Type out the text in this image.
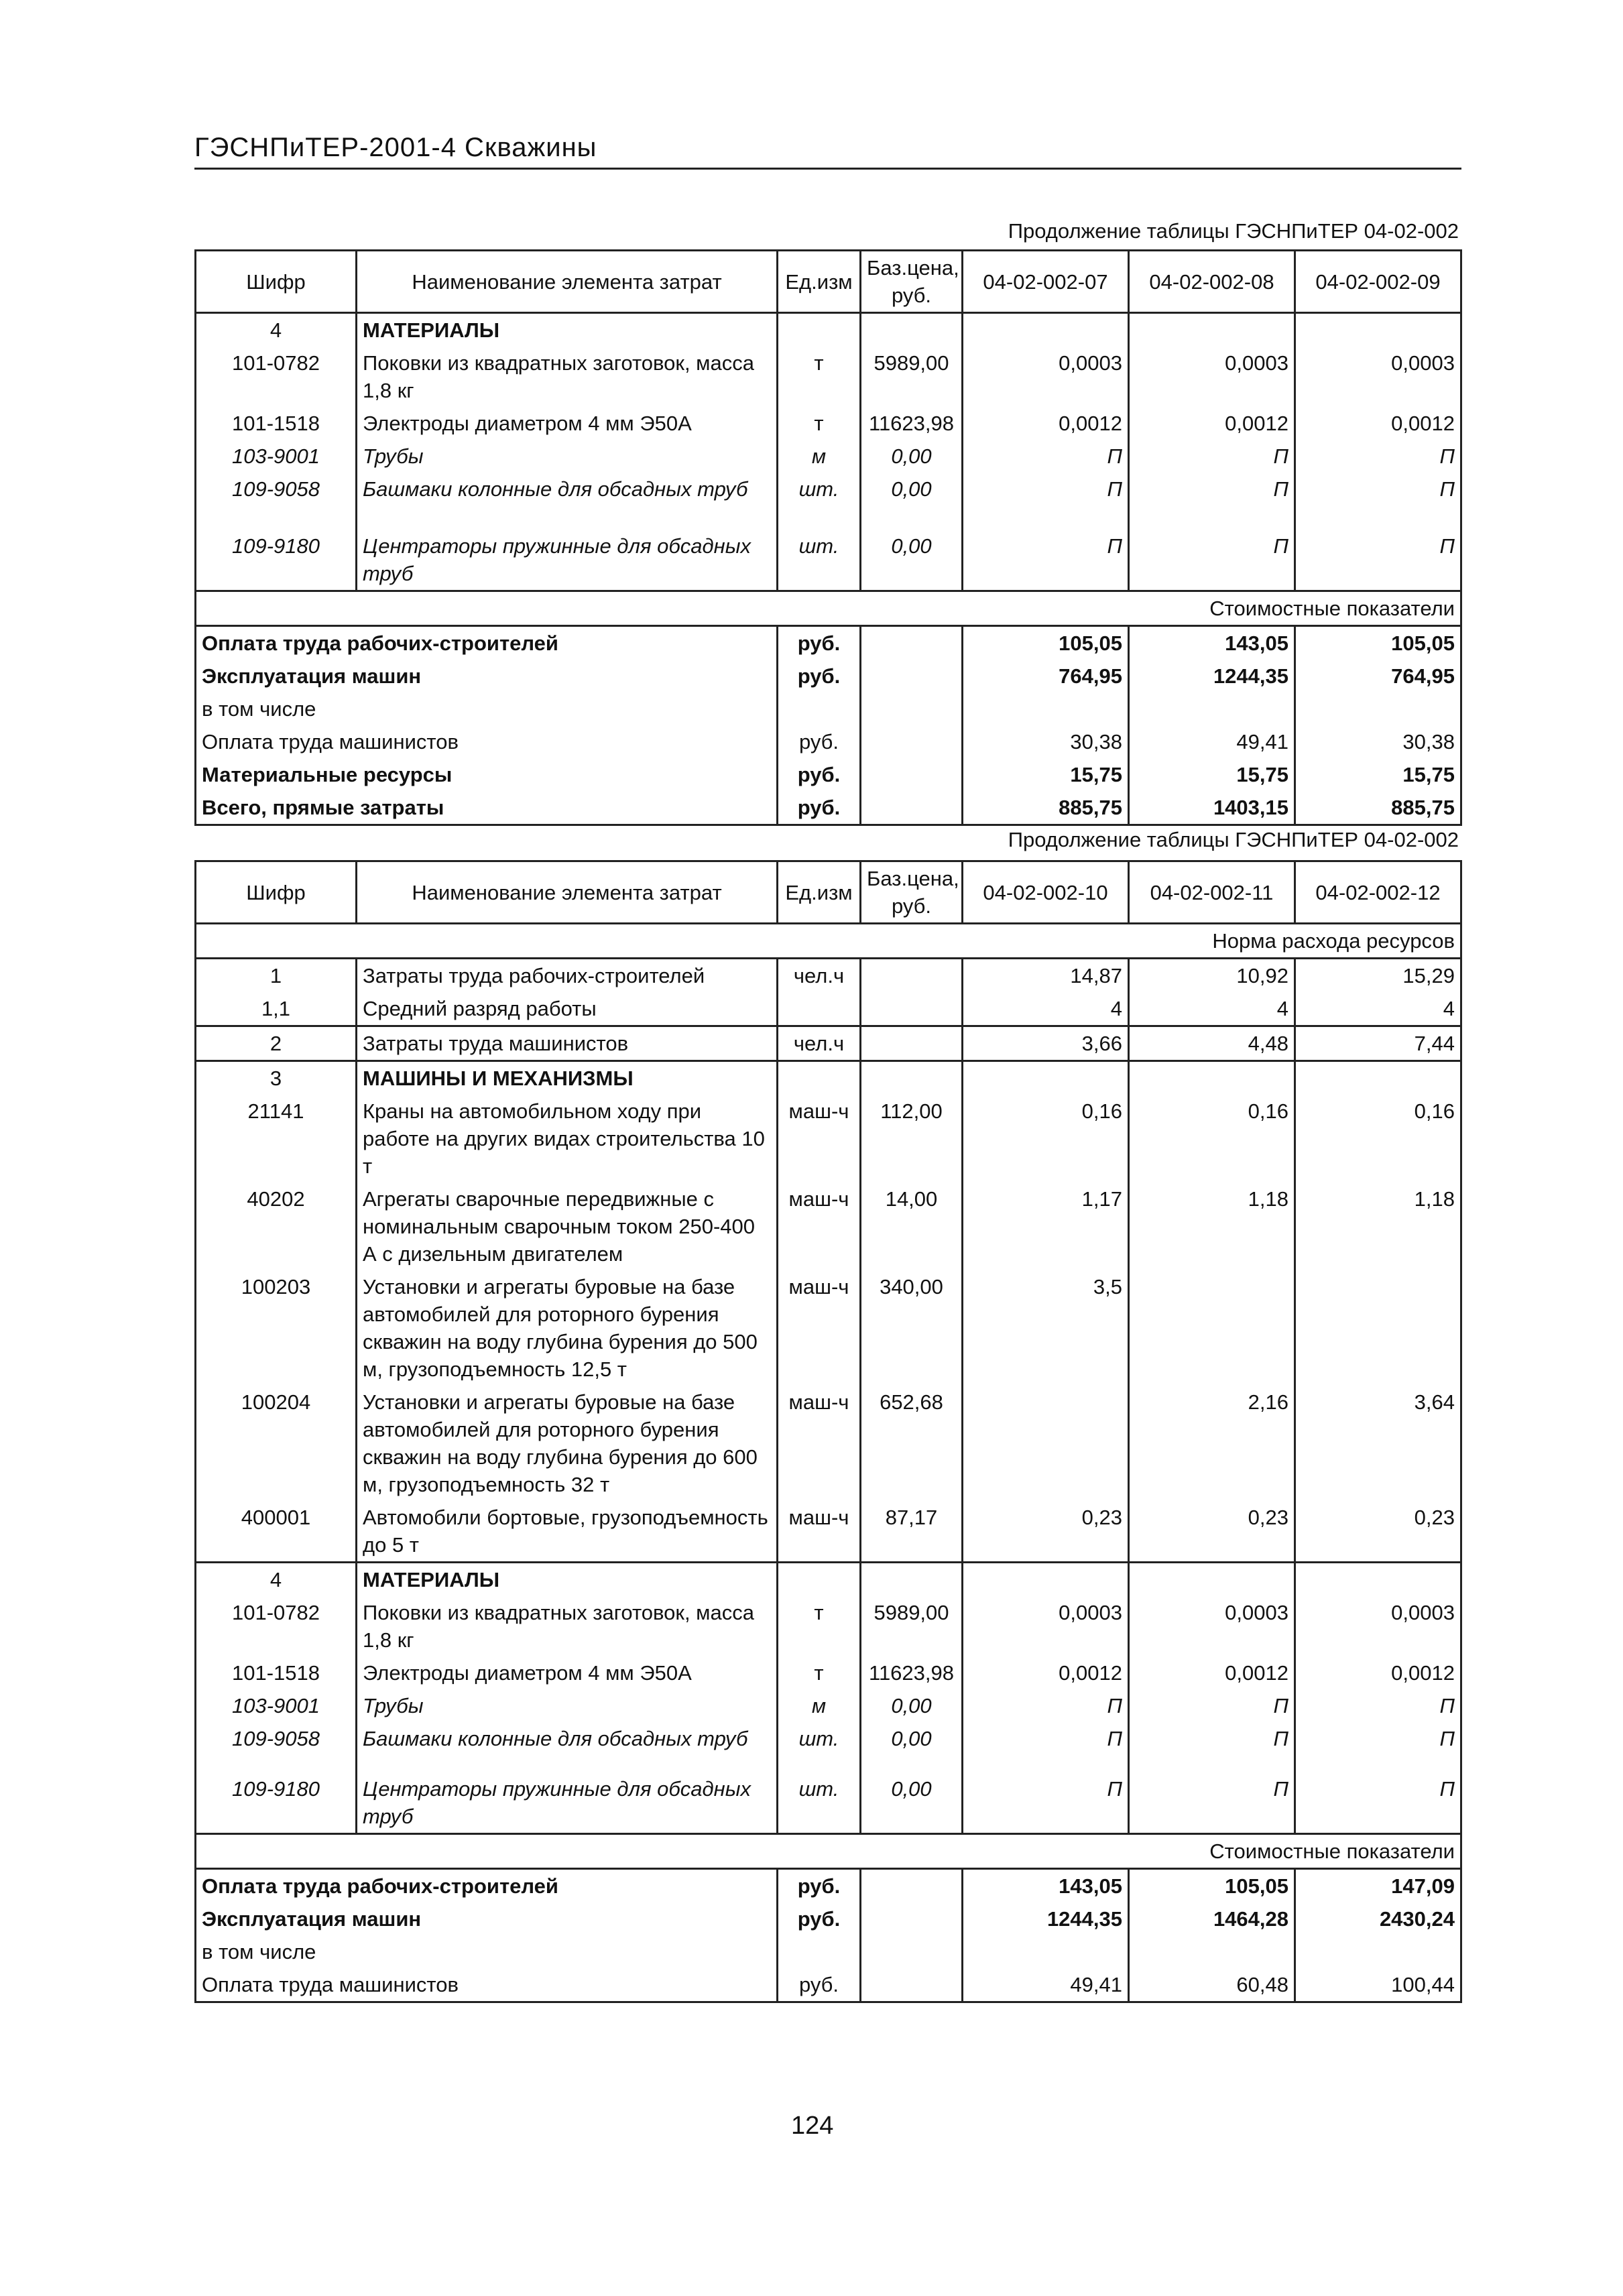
ГЭСНПиТЕР-2001-4 Скважины
Продолжение таблицы ГЭСНПиТЕР 04-02-002
Шифр	Наименование элемента затрат	Ед.изм	Баз.цена, руб.	04-02-002-07	04-02-002-08	04-02-002-09
4	МАТЕРИАЛЫ					
101-0782	Поковки из квадратных заготовок, масса 1,8 кг	т	5989,00	0,0003	0,0003	0,0003
101-1518	Электроды диаметром 4 мм Э50А	т	11623,98	0,0012	0,0012	0,0012
103-9001	Трубы	м	0,00	П	П	П
109-9058	Башмаки колонные для обсадных труб	шт.	0,00	П	П	П
109-9180	Центраторы пружинные для обсадных труб	шт.	0,00	П	П	П
Стоимостные показатели						
Оплата труда рабочих-строителей		руб.		105,05	143,05	105,05
Эксплуатация машин		руб.		764,95	1244,35	764,95
в том числе						
Оплата труда машинистов		руб.		30,38	49,41	30,38
Материальные ресурсы		руб.		15,75	15,75	15,75
Всего, прямые затраты		руб.		885,75	1403,15	885,75
Продолжение таблицы ГЭСНПиТЕР 04-02-002
Шифр	Наименование элемента затрат	Ед.изм	Баз.цена, руб.	04-02-002-10	04-02-002-11	04-02-002-12
Норма расхода ресурсов						
1	Затраты труда рабочих-строителей	чел.ч		14,87	10,92	15,29
1,1	Средний разряд работы			4	4	4
2	Затраты труда машинистов	чел.ч		3,66	4,48	7,44
3	МАШИНЫ И МЕХАНИЗМЫ					
21141	Краны на автомобильном ходу при работе на других видах строительства 10 т	маш-ч	112,00	0,16	0,16	0,16
40202	Агрегаты сварочные передвижные с номинальным сварочным током 250-400 А с дизельным двигателем	маш-ч	14,00	1,17	1,18	1,18
100203	Установки и агрегаты буровые на базе автомобилей для роторного бурения скважин на воду глубина бурения до 500 м, грузоподъемность 12,5 т	маш-ч	340,00	3,5		
100204	Установки и агрегаты буровые на базе автомобилей для роторного бурения скважин на воду глубина бурения до 600 м, грузоподъемность 32 т	маш-ч	652,68		2,16	3,64
400001	Автомобили бортовые, грузоподъемность до 5 т	маш-ч	87,17	0,23	0,23	0,23
4	МАТЕРИАЛЫ					
101-0782	Поковки из квадратных заготовок, масса 1,8 кг	т	5989,00	0,0003	0,0003	0,0003
101-1518	Электроды диаметром 4 мм Э50А	т	11623,98	0,0012	0,0012	0,0012
103-9001	Трубы	м	0,00	П	П	П
109-9058	Башмаки колонные для обсадных труб	шт.	0,00	П	П	П
109-9180	Центраторы пружинные для обсадных труб	шт.	0,00	П	П	П
Стоимостные показатели						
Оплата труда рабочих-строителей		руб.		143,05	105,05	147,09
Эксплуатация машин		руб.		1244,35	1464,28	2430,24
в том числе						
Оплата труда машинистов		руб.		49,41	60,48	100,44
124
